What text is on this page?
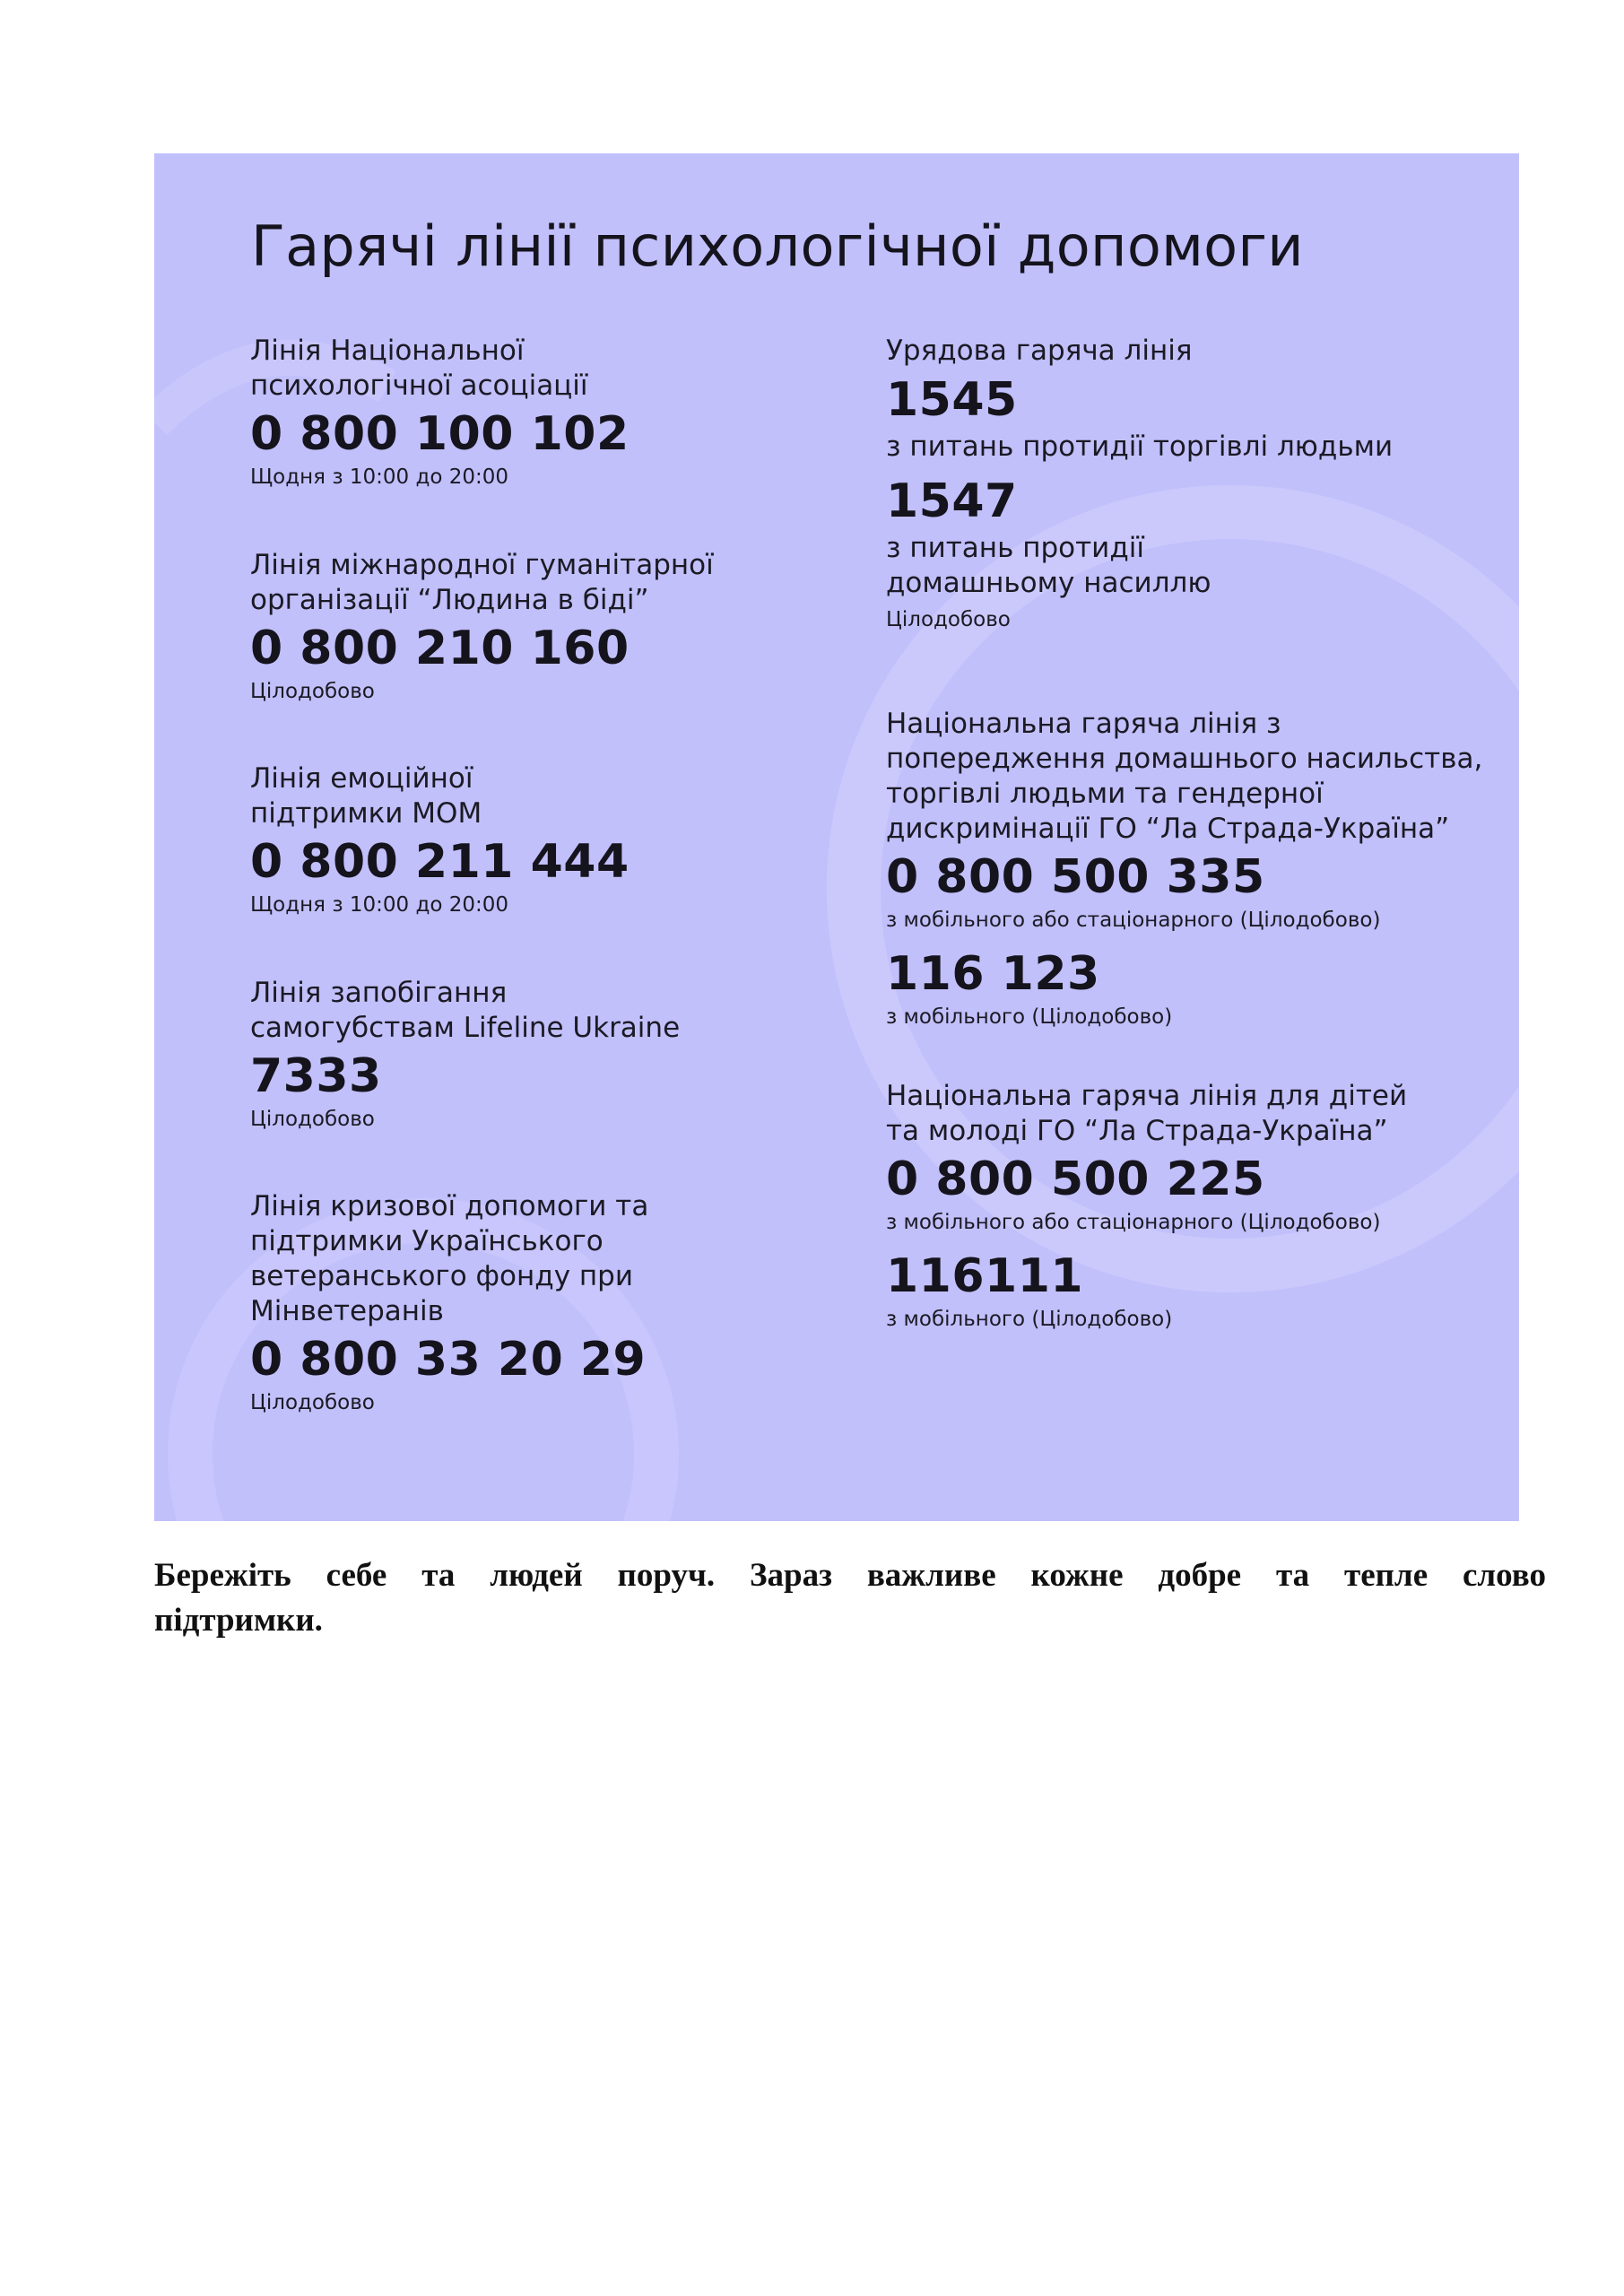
Гарячі лінії психологічної допомоги
Лінія Національної
психологічної асоціації
0 800 100 102
Щодня з 10:00 до 20:00
Лінія міжнародної гуманітарної
організації “Людина в біді”
0 800 210 160
Цілодобово
Лінія емоційної
підтримки МОМ
0 800 211 444
Щодня з 10:00 до 20:00
Лінія запобігання
самогубствам Lifeline Ukraine
7333
Цілодобово
Лінія кризової допомоги та
підтримки Українського
ветеранського фонду при
Мінветеранів
0 800 33 20 29
Цілодобово
Урядова гаряча лінія
1545
з питань протидії торгівлі людьми
1547
з питань протидії
домашньому насиллю
Цілодобово
Національна гаряча лінія з
попередження домашнього насильства,
торгівлі людьми та гендерної
дискримінації ГО “Ла Страда-Україна”
0 800 500 335
з мобільного або стаціонарного (Цілодобово)
116 123
з мобільного (Цілодобово)
Національна гаряча лінія для дітей
та молоді ГО “Ла Страда-Україна”
0 800 500 225
з мобільного або стаціонарного (Цілодобово)
116111
з мобільного (Цілодобово)

Бережіть себе та людей поруч. Зараз важливе кожне добре та тепле слово
підтримки.
